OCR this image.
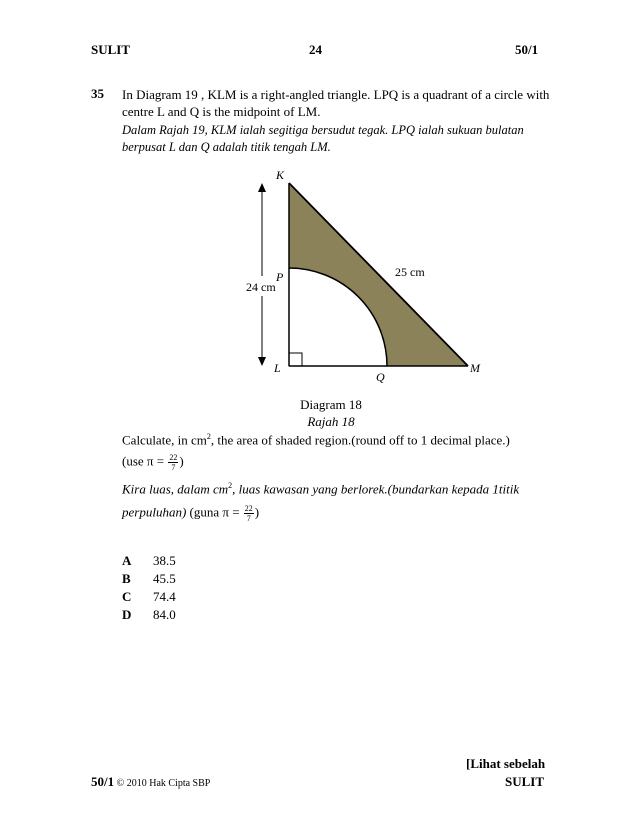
SULIT	24	50/1
35 In Diagram 19 , KLM is a right-angled triangle. LPQ is a quadrant of a circle with
centre L and Q is the midpoint of LM.
Dalam Rajah 19, KLM ialah segitiga bersudut tegak. LPQ ialah sukuan bulatan
berpusat L dan Q adalah titik tengah LM.
K
P
L
Q
M
24 cm
25 cm
Diagram 18
Rajah 18
Calculate, in $cm^2$, the area of shaded region.(round off to 1 decimal place.)
(use $\pi = \frac{22}{7}$ )
Kira luas, dalam $cm^2$, luas kawasan yang berlorek.(bundarkan kepada 1titik
perpuluhan) (guna $\pi = \frac{22}{7}$ )
A 38.5
B 45.5
C 74.4
D 84.0
[Lihat sebelah
SULIT
50/1 © 2010 Hak Cipta SBP
